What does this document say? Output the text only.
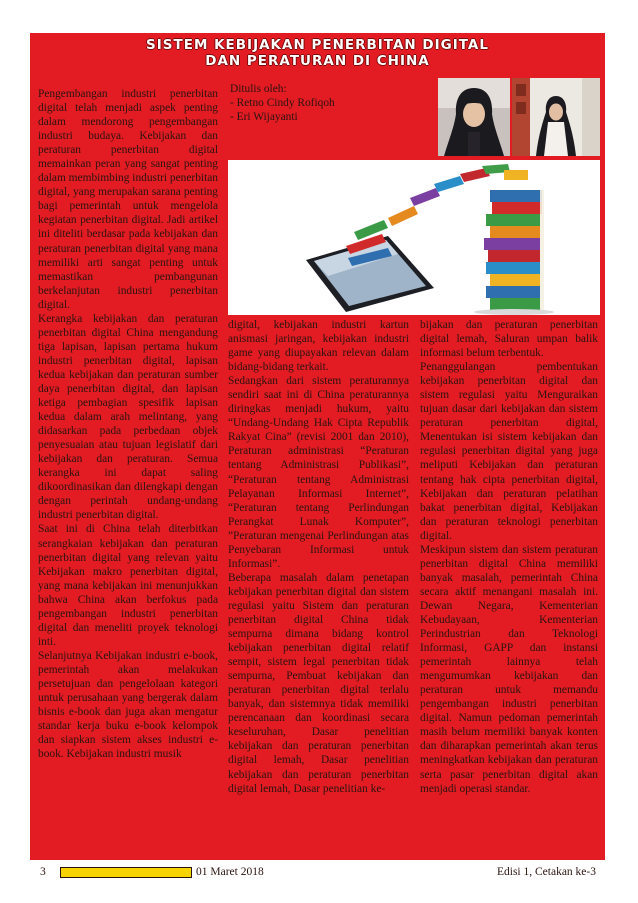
SISTEM KEBIJAKAN PENERBITAN DIGITAL
DAN PERATURAN DI CHINA
Ditulis oleh:
- Retno Cindy Rofiqoh
- Eri Wijayanti

Pengembangan industri penerbitan digital telah menjadi aspek penting dalam mendorong pengembangan industri budaya. Kebijakan dan peraturan penerbitan digital memainkan peran yang sangat penting dalam membimbing industri penerbitan digital, yang merupakan sarana penting bagi pemerintah untuk mengelola kegiatan penerbitan digital. Jadi artikel ini diteliti berdasar pada kebijakan dan peraturan penerbitan digital yang mana memiliki arti sangat penting untuk memastikan pembangunan berkelanjutan industri penerbitan digital.

Kerangka kebijakan dan peraturan penerbitan digital China mengandung tiga lapisan, lapisan pertama hukum industri penerbitan digital, lapisan kedua kebijakan dan peraturan sumber daya penerbitan digital, dan lapisan ketiga pembagian spesifik lapisan kedua dalam arah melintang, yang didasarkan pada perbedaan objek penyesuaian atau tujuan legislatif dari kebijakan dan peraturan. Semua kerangka ini dapat saling dikoordinasikan dan dilengkapi dengan dengan perintah undang-undang industri penerbitan digital.

Saat ini di China telah diterbitkan serangkaian kebijakan dan peraturan penerbitan digital yang relevan yaitu Kebijakan makro penerbitan digital, yang mana kebijakan ini menunjukkan bahwa China akan berfokus pada pengembangan industri penerbitan digital dan meneliti proyek teknologi inti.

Selanjutnya Kebijakan industri e-book, pemerintah akan melakukan persetujuan dan pengelolaan kategori untuk perusahaan yang bergerak dalam bisnis e-book dan juga akan mengatur standar kerja buku e-book kelompok dan siapkan sistem akses industri e-book. Kebijakan industri musik

digital, kebijakan industri kartun anismasi jaringan, kebijakan industri game yang diupayakan relevan dalam bidang-bidang terkait.

Sedangkan dari sistem peraturannya sendiri saat ini di China peraturannya diringkas menjadi hukum, yaitu “Undang-Undang Hak Cipta Republik Rakyat Cina” (revisi 2001 dan 2010), Peraturan administrasi “Peraturan tentang Administrasi Publikasi”, “Peraturan tentang Administrasi Pelayanan Informasi Internet”, “Peraturan tentang Perlindungan Perangkat Lunak Komputer”, ”Peraturan mengenai Perlindungan atas Penyebaran Informasi untuk Informasi”.

Beberapa masalah dalam penetapan kebijakan penerbitan digital dan sistem regulasi yaitu Sistem dan peraturan penerbitan digital China tidak sempurna dimana bidang kontrol kebijakan penerbitan digital relatif sempit, sistem legal penerbitan tidak sempurna, Pembuat kebijakan dan peraturan penerbitan digital terlalu banyak, dan sistemnya tidak memiliki perencanaan dan koordinasi secara keseluruhan, Dasar penelitian kebijakan dan peraturan penerbitan digital lemah, Dasar penelitian kebijakan dan peraturan penerbitan digital lemah, Dasar penelitian ke-

bijakan dan peraturan penerbitan digital lemah, Saluran umpan balik informasi belum terbentuk.

Penanggulangan pembentukan kebijakan penerbitan digital dan sistem regulasi yaitu Menguraikan tujuan dasar dari kebijakan dan sistem peraturan penerbitan digital, Menentukan isi sistem kebijakan dan regulasi penerbitan digital yang juga meliputi Kebijakan dan peraturan tentang hak cipta penerbitan digital, Kebijakan dan peraturan pelatihan bakat penerbitan digital, Kebijakan dan peraturan teknologi penerbitan digital.

Meskipun sistem dan sistem peraturan penerbitan digital China memiliki banyak masalah, pemerintah China secara aktif menangani masalah ini. Dewan Negara, Kementerian Kebudayaan, Kementerian Perindustrian dan Teknologi Informasi, GAPP dan instansi pemerintah lainnya telah mengumumkan kebijakan dan peraturan untuk memandu pengembangan industri penerbitan digital. Namun pedoman pemerintah masih belum memiliki banyak konten dan diharapkan pemerintah akan terus meningkatkan kebijakan dan peraturan serta pasar penerbitan digital akan menjadi operasi standar.

3	01 Maret 2018	Edisi 1, Cetakan ke-3
